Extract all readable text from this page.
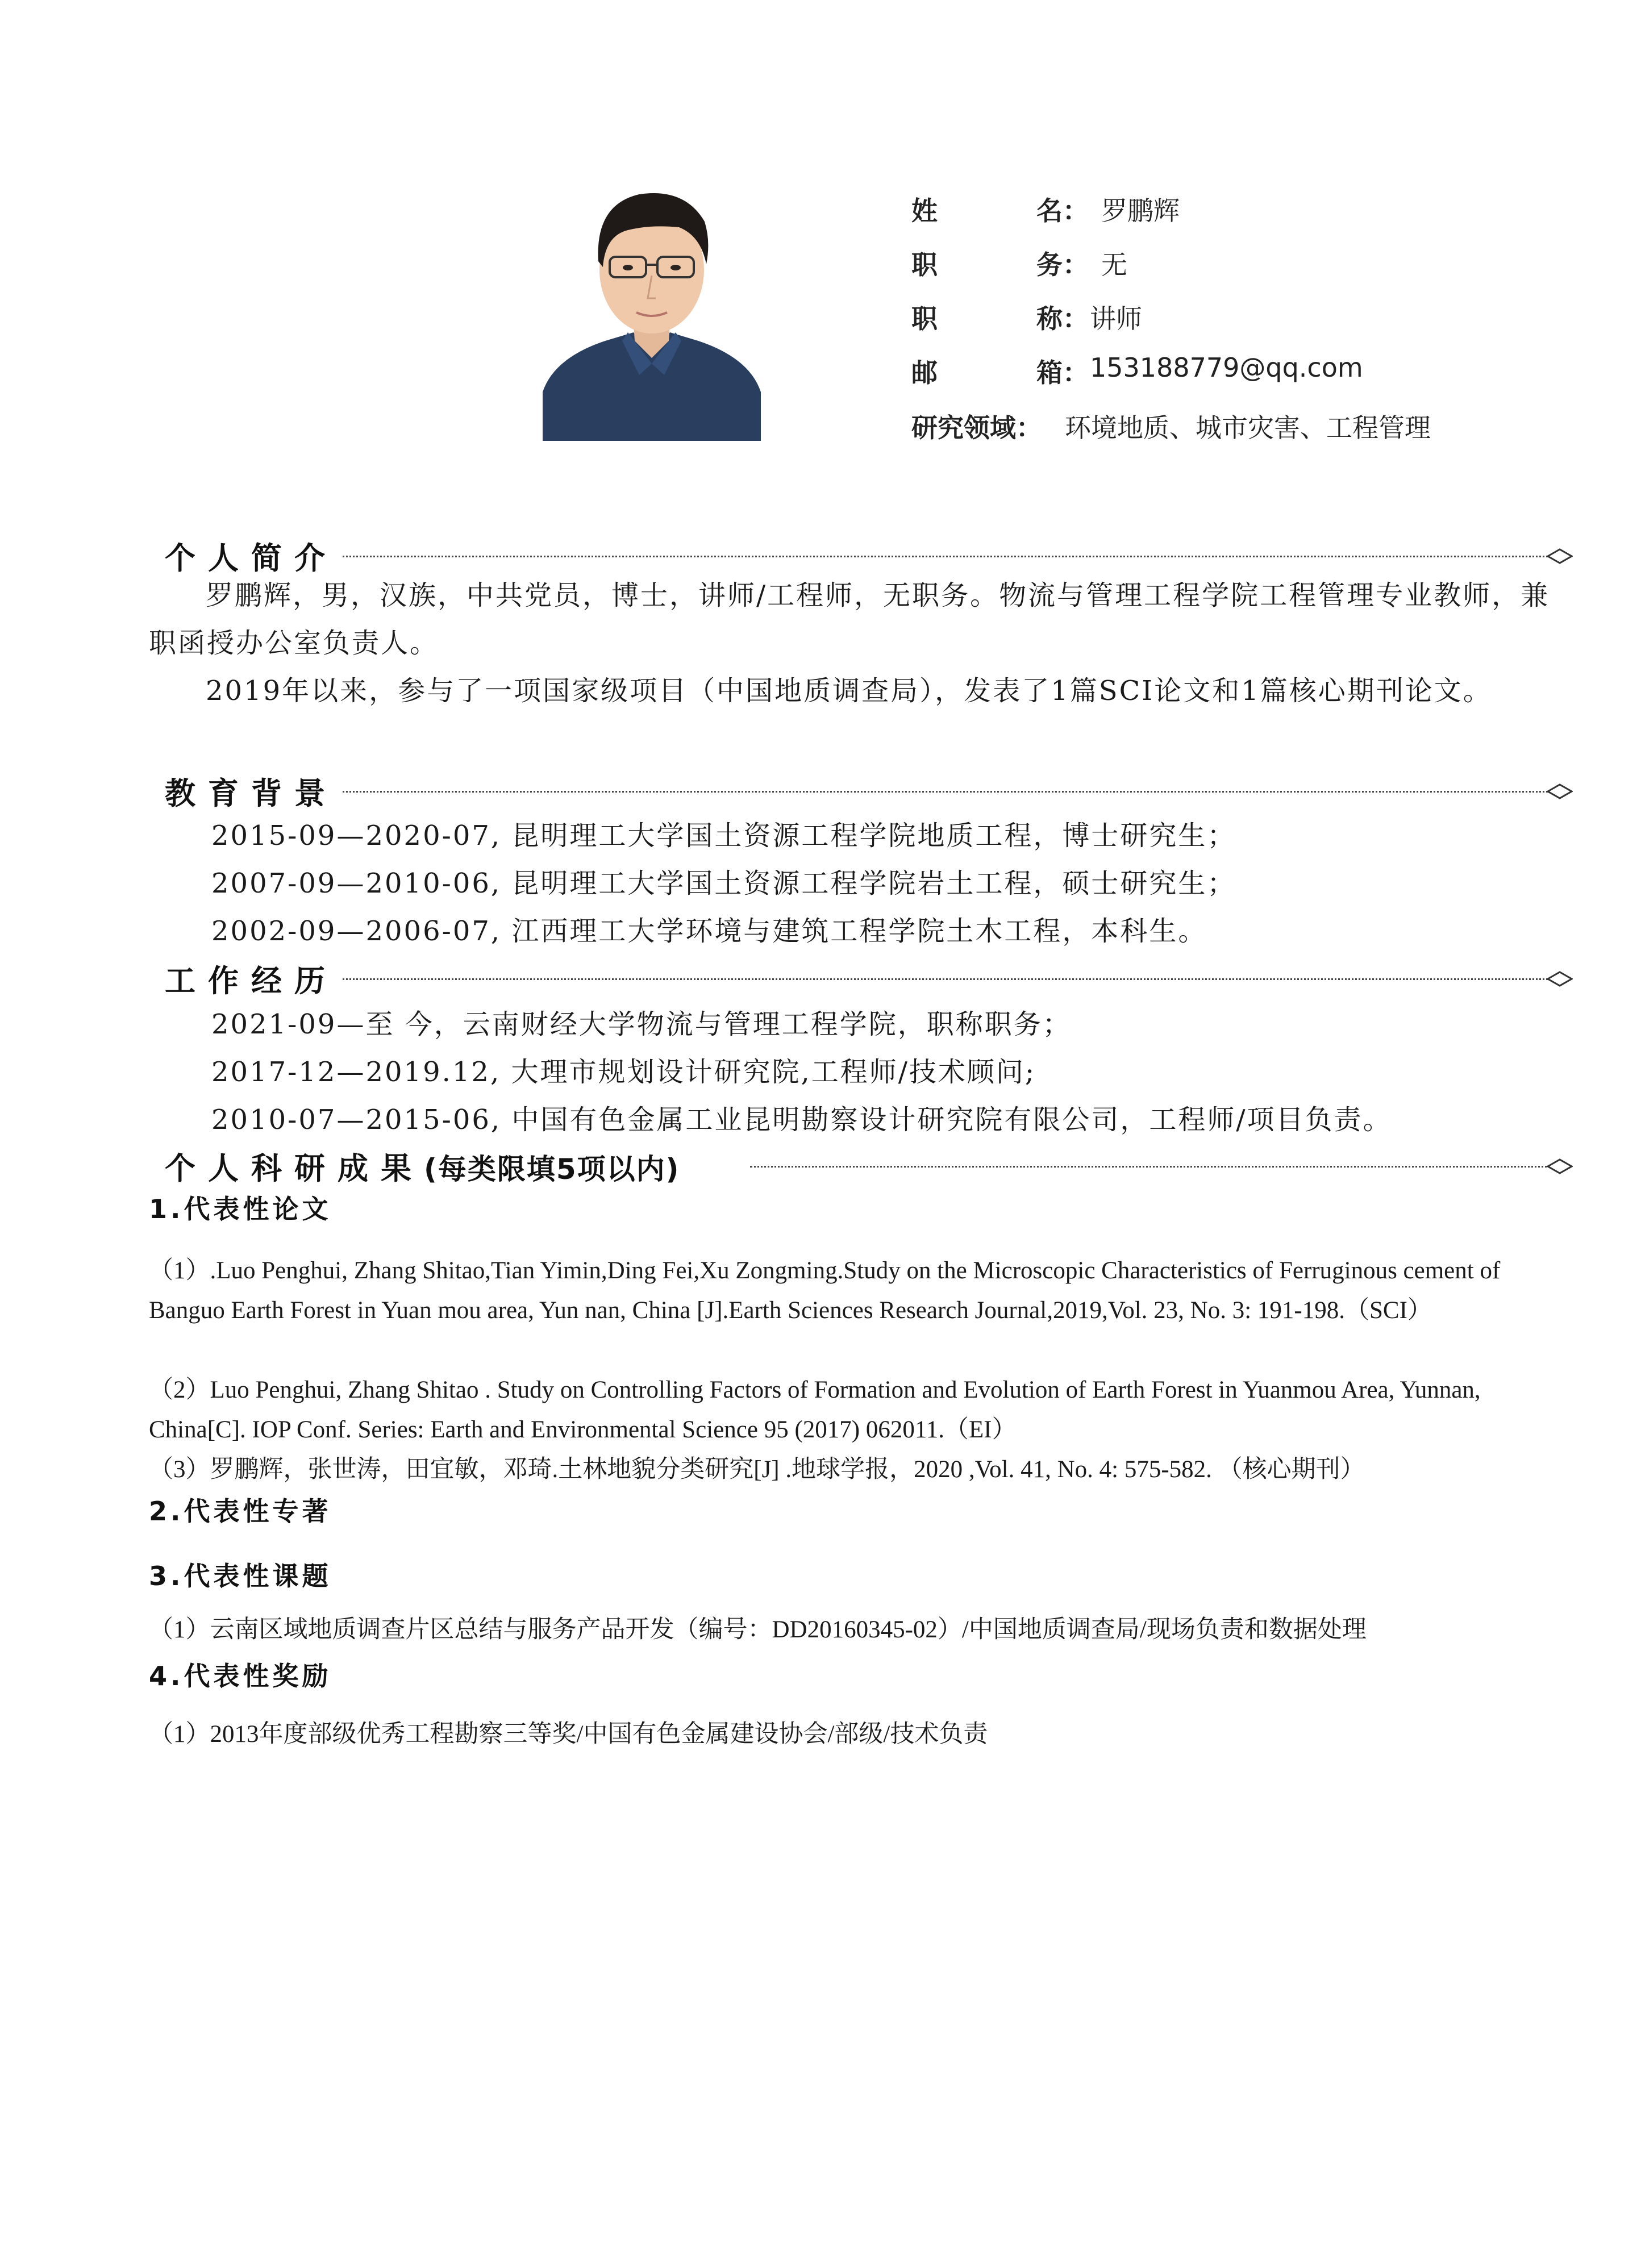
姓	名： 罗鹏辉
职	务： 无
职	称： 讲师
邮	箱： 153188779@qq.com
研究领域： 环境地质、城市灾害、工程管理
个人简介
罗鹏辉，男，汉族，中共党员，博士，讲师/工程师，无职务。物流与管理工程学院工程管理专业教师，兼职函授办公室负责人。
2019年以来，参与了一项国家级项目（中国地质调查局），发表了1篇SCI论文和1篇核心期刊论文。
教育背景
2015-09—2020-07, 昆明理工大学国土资源工程学院地质工程，博士研究生；
2007-09—2010-06, 昆明理工大学国土资源工程学院岩土工程，硕士研究生；
2002-09—2006-07, 江西理工大学环境与建筑工程学院土木工程，本科生。
工作经历
2021-09—至 今，云南财经大学物流与管理工程学院，职称职务；
2017-12—2019.12, 大理市规划设计研究院,工程师/技术顾问;
2010-07—2015-06, 中国有色金属工业昆明勘察设计研究院有限公司，工程师/项目负责。
个人科研成果(每类限填5项以内)
1.代表性论文
（1）.Luo Penghui, Zhang Shitao,Tian Yimin,Ding Fei,Xu Zongming.Study on the Microscopic Characteristics of Ferruginous cement of Banguo Earth Forest in Yuan mou area, Yun nan, China [J].Earth Sciences Research Journal,2019,Vol. 23, No. 3: 191-198.（SCI）
（2）Luo Penghui, Zhang Shitao . Study on Controlling Factors of Formation and Evolution of Earth Forest in Yuanmou Area, Yunnan, China[C]. IOP Conf. Series: Earth and Environmental Science 95 (2017) 062011.（EI）
（3）罗鹏辉，张世涛，田宜敏，邓琦.土林地貌分类研究[J] .地球学报，2020 ,Vol. 41, No. 4: 575-582. （核心期刊）
2.代表性专著
3.代表性课题
（1）云南区域地质调查片区总结与服务产品开发（编号：DD20160345-02）/中国地质调查局/现场负责和数据处理
4.代表性奖励
（1）2013年度部级优秀工程勘察三等奖/中国有色金属建设协会/部级/技术负责
